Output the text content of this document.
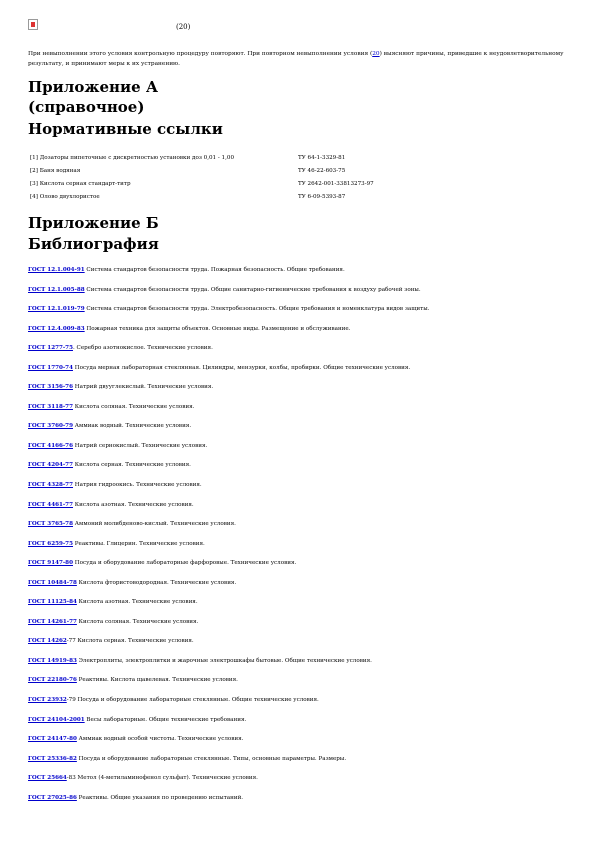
(20)

При невыполнении этого условия контрольную процедуру повторяют. При повторном невыполнении условия (20) выясняют причины, приведшие к неудовлетворительному результату, и принимают меры к их устранению.

Приложение А
(справочное)
Нормативные ссылки
[1] Дозаторы пипеточные с дискретностью установки доз 0,01 - 1,00	ТУ 64-1-3329-81
[2] Баня водяная	ТУ 46-22-603-75
[3] Кислота серная стандарт-титр	ТУ 2642-001-33813273-97
[4] Олово двухлористое	ТУ 6-09-5393-87
Приложение Б
Библиография
ГОСТ 12.1.004-91 Система стандартов безопасности труда. Пожарная безопасность. Общие требования.
ГОСТ 12.1.005-88 Система стандартов безопасности труда. Общие санитарно-гигиенические требования к воздуху рабочей зоны.
ГОСТ 12.1.019-79 Система стандартов безопасности труда. Электробезопасность. Общие требования и номенклатура видов защиты.
ГОСТ 12.4.009-83 Пожарная техника для защиты объектов. Основные виды. Размещение и обслуживание.
ГОСТ 1277-75. Серебро азотнокислое. Технические условия.
ГОСТ 1770-74 Посуда мерная лабораторная стеклянная. Цилиндры, мензурки, колбы, пробирки. Общие технические условия.
ГОСТ 3156-76 Натрий двууглекислый. Технические условия.
ГОСТ 3118-77 Кислота соляная. Технические условия.
ГОСТ 3760-79 Аммиак водный. Технические условия.
ГОСТ 4166-76 Натрий сернокислый. Технические условия.
ГОСТ 4204-77 Кислота серная. Технические условия.
ГОСТ 4328-77 Натрия гидроокись. Технические условия.
ГОСТ 4461-77 Кислота азотная. Технические условия.
ГОСТ 3765-78 Аммоний молибденово-кислый. Технические условия.
ГОСТ 6259-75 Реактивы. Глицерин. Технические условия.
ГОСТ 9147-80 Посуда и оборудование лабораторные фарфоровые. Технические условия.
ГОСТ 10484-78 Кислота фтористоводородная. Технические условия.
ГОСТ 11125-84 Кислота азотная. Технические условия.
ГОСТ 14261-77 Кислота соляная. Технические условия.
ГОСТ 14262-77 Кислота серная. Технические условия.
ГОСТ 14919-83 Электроплиты, электроплитки и жарочные электрошкафы бытовые. Общие технические условия.
ГОСТ 22180-76 Реактивы. Кислота щавелевая. Технические условия.
ГОСТ 23932-79 Посуда и оборудование лабораторные стеклянные. Общие технические условия.
ГОСТ 24104-2001 Весы лабораторные. Общие технические требования.
ГОСТ 24147-80 Аммиак водный особой чистоты. Технические условия.
ГОСТ 25336-82 Посуда и оборудование лабораторные стеклянные. Типы, основные параметры. Размеры.
ГОСТ 25664-83 Метол (4-метиламинофенол сульфат). Технические условия.
ГОСТ 27025-86 Реактивы. Общие указания по проведению испытаний.
